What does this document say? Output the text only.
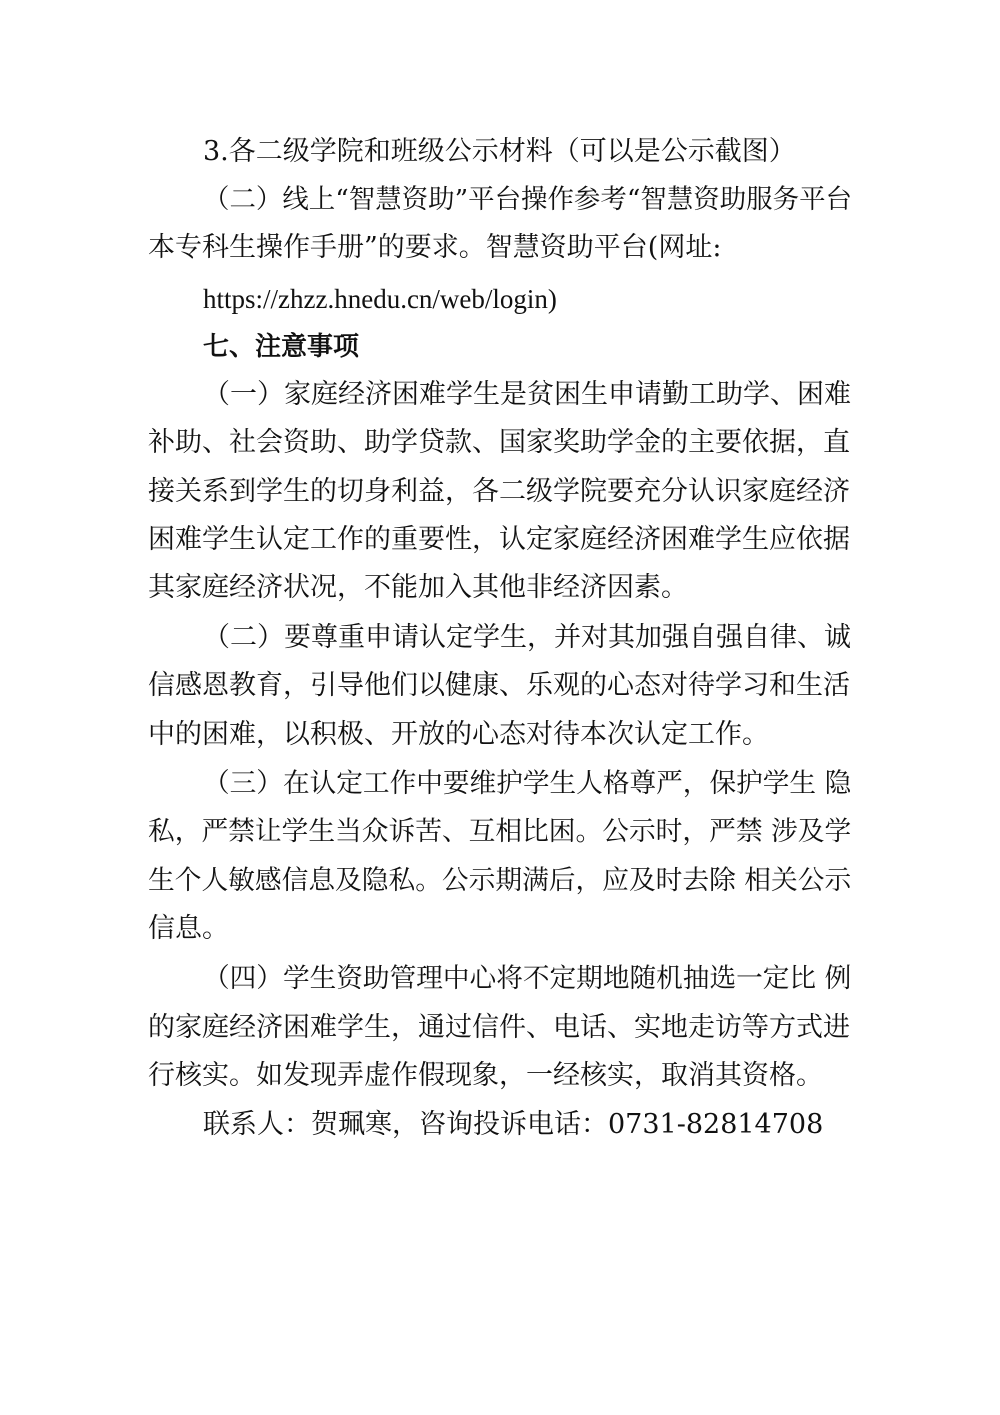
3.各二级学院和班级公示材料（可以是公示截图）
（二）线上“智慧资助”平台操作参考“智慧资助服务平台
本专科生操作手册”的要求。智慧资助平台(网址:
https://zhzz.hnedu.cn/web/login)
七、注意事项
（一）家庭经济困难学生是贫困生申请勤工助学、困难
补助、社会资助、助学贷款、国家奖助学金的主要依据，直
接关系到学生的切身利益，各二级学院要充分认识家庭经济
困难学生认定工作的重要性，认定家庭经济困难学生应依据
其家庭经济状况，不能加入其他非经济因素。
（二）要尊重申请认定学生，并对其加强自强自律、诚
信感恩教育，引导他们以健康、乐观的心态对待学习和生活
中的困难，以积极、开放的心态对待本次认定工作。
（三）在认定工作中要维护学生人格尊严，保护学生 隐
私，严禁让学生当众诉苦、互相比困。公示时，严禁 涉及学
生个人敏感信息及隐私。公示期满后，应及时去除 相关公示
信息。
（四）学生资助管理中心将不定期地随机抽选一定比 例
的家庭经济困难学生，通过信件、电话、实地走访等方式进
行核实。如发现弄虚作假现象，一经核实，取消其资格。
联系人：贺珮寒，咨询投诉电话：0731-82814708
